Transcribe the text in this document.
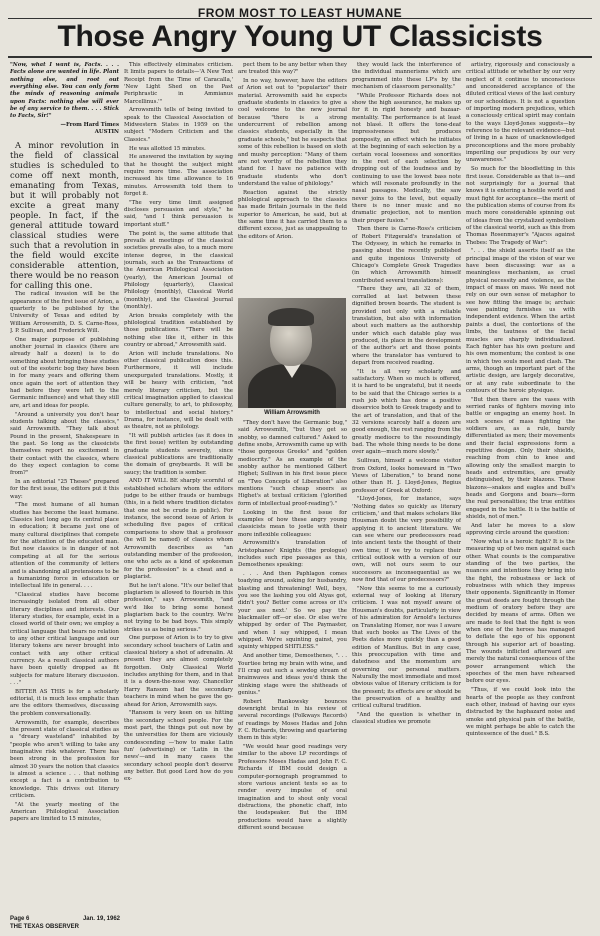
FROM MOST TO LEAST HUMANE
Those Angry Young UT Classicists

"Now, what I want is, Facts. . . . Facts alone are wanted in life. Plant nothing else, and root out everything else. You can only form the minds of reasoning animals upon Facts: nothing else will ever be of any service to them. . . . Stick to Facts, Sir!"

—From Hard Times
AUSTIN

A minor revolution in the field of classical studies is scheduled to come off next month, emanating from Texas, but it will probably not excite a great many people. In fact, if the general attitude toward classical studies were such that a revolution in the field would excite considerable attention, there would be no reason for calling this one.

The radical invasion will be the appearance of the first issue of Arion, a quarterly to be published by the University of Texas and edited by William Arrowsmith, D. S. Carne-Ross, J. P. Sullivan, and Frederick Will.

One major purpose of publishing another journal in classics (there are already half a dozen) is to do something about bringing these studies out of the esoteric bog they have been in for many years and offering them once again the sort of attention they had before they were left to the Germanic influence) and what they still are, art and ideas for people.

"Around a university you don't hear students talking about the classics," said Arrowsmith. "They talk about Pound in the present, Shakespeare in the past. So long as the classicists themselves report no excitement in their contact with the classics, where do they expect contagion to come from?"

In an editorial "25 Theses" prepared for the first issue, the editors put it this way:

"The most humane of all human studies has become the least humane. Classics lost long ago its central place in education; it became just one of many cultural disciplines that compete for the attention of the educated man. But now classics is in danger of not competing at all for the serious attention of the community of letters and is abandoning all pretensions to be a humanizing force in education or intellectual life in general. . . .

"Classical studies have become increasingly isolated from all other literary disciplines and interests. Our literary studies, for example, exist in a closed world of their own; we employ a critical language that bears no relation to any other critical language and our literary tokens are never brought into contact with any other critical currency. As a result classical authors have been quietly dropped as fit subjects for mature literary discussion. . . ."

BITTER AS THIS is for a scholarly editorial, it is much less emphatic than are the editors themselves, discussing the problem conversationally.

Arrowsmith, for example, describes the present state of classical studies as a "dreary wasteland" inhabited by "people who aren't willing to take any imaginative risk whatever. There has been strong in the profession for almost 30 years the notion that classics is almost a science . . . that nothing except a fact is a contribution to knowledge. This drives out literary criticism.

"At the yearly meeting of the American Philological Association papers are limited to 15 minutes,

This effectively eliminates criticism. It limits papers to details—'A New Text Receipt from the Time of Caracalla,' 'New Light Shed on the Past Periphrastic in Ammianus Marcellinus.'"

Arrowsmith tells of being invited to speak to the Classical Association of Midwestern States in 1959 on the subject "Modern Criticism and the Classics."

He was allotted 15 minutes.

He answered the invitation by saying that he thought the subject might require more time. The association increased his time allowance to 16 minutes. Arrowsmith told them to forget it.

"The very time limit assigned discloses persuasion and style," he said, "and I think persuasion is important stuff."

The point is, the same attitude that prevails at meetings of the classical societies prevails also, to a much more intense degree, in the classical journals, such as the Transactions of the American Philological Association (yearly), the American Journal of Philology (quarterly), Classical Philology (monthly), Classical World (monthly), and the Classical Journal (monthly).

Arion breaks completely with the philological tradition established by those publications. "There will be nothing else like it, either in this country or abroad," Arrowsmith said.

Arion will include translations. No other classical publication does this. Furthermore, it will include unexpurgated translations. Mostly, it will be heavy with criticism, "not merely literary criticism, but the critical imagination applied to classical culture generally, to art, to philosophy, to intellectual and social history." Drama, for instance, will be dealt with as theatre, not as philology.

"It will publish articles (as it does in the first issue) written by outstanding graduate students severely, since classical publications are traditionally the domain of greybeards. It will be saucy; the tradition is somber.

AND IT WILL BE sharply scornful of established scholars whom the editors judge to be either frauds or humbugs (this, in a field where tradition dictates that one not be crude in public). For instance, the second issue of Arion is scheduling five pages of critical comparisons to show that a professor (he will be named) of classics whom Arrowsmith describes as "an outstanding member of the profession, one who acts as a kind of spokesman for the profession" is a cheat and a plagiarist.

But he isn't alone. "It's our belief that plagiarism is allowed to flourish in this profession," says Arrowsmith, "and we'd like to bring some honest plagiarism back to the country. We're not trying to be bad boys. This simply strikes us as being serious."

One purpose of Arion is to try to give secondary school teachers of Latin and classical history a shot of adrenalin. At present they are almost completely forgotten. Only Classical World includes anything for them, and in that it is a down-the-nose way. Chancellor Harry Ransom had the secondary teachers in mind when he gave the go-ahead for Arion, Arrowsmith says.

"Ransom is very keen on us hitting the secondary school people. For the most part, the things put out now by the universities for them are viciously condescending —'how to make Latin fun' (advertising) or 'Latin in the news'—and in many cases the secondary school people don't deserve any better. But good Lord how do you ex-

pect them to be any better when they are treated this way?"

In no way, however, have the editors of Arion set out to "popularize" their material. Arrowsmith said he expects graduate students in classics to give a cool welcome to the new journal because "there is a strong undercurrent of rebellion among classics students, especially in the graduate schools," but he suspects that some of this rebellion is based on sloth and mushy perception: "Many of them are not worthy of the rebellion they stand for. I have no patience with graduate students who don't understand the value of philology."

Reaction against the strictly philological approach to the classics has made Britain journals in the field superior to American, he said, but at the same time it has carried them to a different excess, just as unappealing to the editors of Arion.

"They don't have the Germanic bug," said Arrowsmith, "but they get so snobby, so damned cultured." Asked to define snobs, Arrowsmith came up with "those gorgeous Greeks" and "golden mediocrity." As an example of the snobby author he mentioned Gilbert Highet; Sullivan in his first issue piece on "Two Concepts of Liberation" also mentions "such cheap sneers as Highet's at textual criticism ('glorified form of intellectual proof-reading')."

Looking in the first issue for examples of how these angry young classicists mean to jostle with their more inflexible colleagues:

Arrowsmith's translation of Aristophanes' Knights (the prologue) includes such ripe passages as this, Demosthenes speaking:

. . . And then Paphlagon comes toadying around, asking for husbandry, blasting and threatening! Well, boys, you see the lashing you old Atyas got, didn't you? Better come across or it's your ass next.' So we pay the blackmailer off—or else. Or else we're whipped by order of The Paymaster, and when I say whipped, I mean whipped. We're squinting gainst, you squinty whipped SHITLESS."

And another time, Demosthenes, ". . . Yourtiee bring my brain with wine, and I'll crap out such a sewdog stream of brainwaves and ideas you'd think the stinking stage were the shitheads of genius."

Robert Rankowsky bounces downright brutal in his review of several recordings (Folkways Records) of readings by Moses Hadas and John F. C. Richards, throwing and quartering them in this style:

"We would hear good readings very similar to the above LP recordings of Professors Moses Hadas and John F. C. Richards if IBM could design a computer-pornograph programmed to store various ancient texts so as to render every impulse of oral imagination and to shout only vocal distractions, the phonetic chaff, into the loudspeaker. But the IBM productions would have a slightly different sound because

William Arrowsmith

they would lack the interference of the individual mannerisms which are programmed into these LP's by the mechanism of classroom personality."

"While Professor Richards does not show the high assurance, he makes up for it in rigid honesty and bazaar-mentality. The performance is at least not blasé. It offers the tone-deaf impressiveness but produces pomposity, an effect which he initiates at the beginning of each selection by a certain vocal looseness and sonorities in the rest of each selection by dropping out of the loudness and by continuing to use the lowest bass note which will resonate profoundly in the nasal passages. Medically, the saw never joins to the level, but equally there is no inner music and no dramatic projection, not to mention their proper fusion."

Then there is Carne-Ross's criticism of Robert Fitzgerald's translation of The Odyssey, in which he remarks in passing about the recently published and quite ingenious University of Chicago's Complete Greek Tragedies (in which Arrowsmith himself contributed several translations):

"There they are, all 32 of them, corralled at last between these dignified brown boards. The student is provided not only with a reliable translation, but also with information about such matters as the authorship under which each datable play was produced, its place in the development of the author's art and those points where the translator has ventured to depart from received reading.

"It is all very scholarly and satisfactory. When so much is offered, it is hard to be ungrateful, but it needs to be said that the Chicago series is a rush job which has done a positive disservice both to Greek tragedy and to the art of translation, and that of the 32 versions scarcely half a dozen are good enough, the rest ranging from the greatly mediocre to the resoundingly bad. The whole thing needs to be done over again—much more slowly."

Sullivan, himself a welcome visitor from Oxford, looks homeward in "Two Views of Liberation," to brand none other than H. J. Lloyd-Jones, Regius professor of Greek at Oxford:

"Lloyd-Jones, for instance, says 'Nothing dates so quickly as literary criticism,' and that makes scholars like Housman doubt the very possibility of applying it to ancient literature. We can see where our predecessors read into ancient texts the thought of their own time; if we try to replace their critical outlook with a version of our own, will not ours seem to our successors as inconsequential as we now find that of our predecessors?"

"Now this seems to me a curiously external way of looking at literary criticism. I was not myself aware of Housman's doubts, particularly in view of his admiration for Arnold's lectures on Translating Homer, nor was I aware that such books as The Lives of the Poets dates more quickly than a good edition of Manilius. But in any case, this preoccupation with time and datedness and the momentum are governing our personal matters. Naturally the most immediate and most obvious value of literary criticism is for the present; its effects are or should be the preservation of a healthy and critical cultural tradition.

"And the question is whether in classical studies we promote

artistry, rigorously and consciously a critical attitude or whether by our very neglect of it continue to unconscious and unconsidered acceptance of the diluted critical views of the last century or our schooldays. It is not a question of importing modern prejudices, which a consciously critical spirit may contain to the ways Lloyd-Jones suggests—by reference to the relevant evidence—but of living in a haze of unacknowledged preconceptions and the more probably imperiling our prejudices by our very unawareness."

So much for the bloodletting in this first issue. Considerable as that is—and not surprisingly for a journal that knows it is entering a hostile world and must fight for acceptance—the merit of the publication stems of course from its much more considerable spinning out of ideas from the crystalized symbolism of the classical world, such as this from Thomas Rosenmayer's "Ajaces against Thebes: The Tragedy of War":

". . . the shield asserts itself as the principal image of the vision of war we have been discussing: war as a meaningless mechanism, as cruel physical necessity and violence, as the impact of mass on mass. We need not rely on our own sense of metaphor to see how fitting the image is; archaic vase painting furnishes us with independent evidence. When the artist paints a duel, the contortions of the limbs, the tautness of the facial muscles are sharply individualized. Each fighter has his own posture and his own momentum; the contest is one in which two souls meet and clash. The arms, though an important part of the artistic design, are largely decorative, or at any rate subordinate to the contours of the heroic physique.

"But then there are the vases with serried ranks of fighters moving into battle or engaging an enemy host. In such scenes of mass fighting the soldiers are, as a rule, barely differentiated as men; their movements and their facial expressions form a repetitive design. Only their shields, reaching from chin to knee and allowing only the smallest margin to heads and extremities, are greatly distinguished, by their blazons. These blazons—snakes and eagles and bull's heads and Gorgons and boars—form the real personalities; the true entities engaged in the battle. It is the battle of shields, not of men."

And later he moves to a slow approving circle around the question:

"Now what is a heroic fight? It is the measuring up of two men against each other. What counts is the comparative standing of the two parties, the nuances and intentions they bring into the fight, the robustness or lack of robustness with which they impress their opponents. Significantly in Homer the great deeds are fought through the medium of oratory before they are decided by means of arms. Often we are made to feel that the fight is won when one of the heroes has managed to deflate the ego of his opponent through his superior art of boasting. The wounds inflicted afterward are merely the natural consequences of the power arrangement which the speeches of the men have rehearsed before our eyes.

"Thus, if we could look into the hearts of the people as they confront each other, instead of having our eyes distracted by the haphazard noise and smoke and physical pain of the battle, we might perhaps be able to catch the quintessence of the duel." B.S.

Page 6	Jan. 19, 1962
THE TEXAS OBSERVER
